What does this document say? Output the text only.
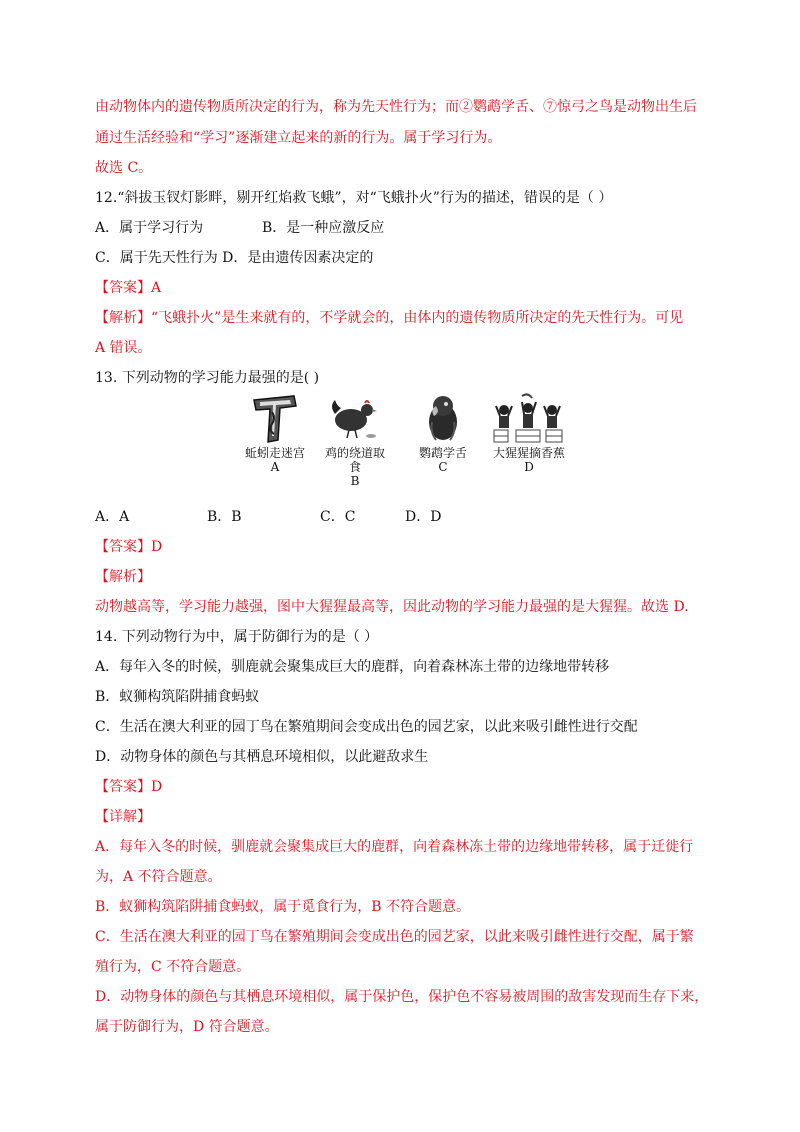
由动物体内的遗传物质所决定的行为，称为先天性行为；而②鹦鹉学舌、⑦惊弓之鸟是动物出生后
通过生活经验和“学习”逐渐建立起来的新的行为。属于学习行为。
故选 C。
12.“斜拔玉钗灯影畔，剔开红焰救飞蛾”，对“飞蛾扑火”行为的描述，错误的是（ ）
A．属于学习行为	B．是一种应激反应
C．属于先天性行为 D．是由遗传因素决定的
【答案】A
【解析】“飞蛾扑火”是生来就有的，不学就会的，由体内的遗传物质所决定的先天性行为。可见
A 错误。
13. 下列动物的学习能力最强的是( )
蚯蚓走迷宫
A
鸡的绕道取食
B
鹦鹉学舌
C
大猩猩摘香蕉
D
A．A	B．B	C．C	D．D
【答案】D
【解析】
动物越高等，学习能力越强，图中大猩猩最高等，因此动物的学习能力最强的是大猩猩。故选 D.
14. 下列动物行为中，属于防御行为的是（ ）
A．每年入冬的时候，驯鹿就会聚集成巨大的鹿群，向着森林冻土带的边缘地带转移
B．蚁狮构筑陷阱捕食蚂蚁
C．生活在澳大利亚的园丁鸟在繁殖期间会变成出色的园艺家，以此来吸引雌性进行交配
D．动物身体的颜色与其栖息环境相似，以此避敌求生
【答案】D
【详解】
A．每年入冬的时候，驯鹿就会聚集成巨大的鹿群，向着森林冻土带的边缘地带转移，属于迁徙行
为，A 不符合题意。
B．蚁狮构筑陷阱捕食蚂蚁，属于觅食行为，B 不符合题意。
C．生活在澳大利亚的园丁鸟在繁殖期间会变成出色的园艺家，以此来吸引雌性进行交配，属于繁
殖行为，C 不符合题意。
D．动物身体的颜色与其栖息环境相似，属于保护色，保护色不容易被周围的敌害发现而生存下来，
属于防御行为，D 符合题意。
